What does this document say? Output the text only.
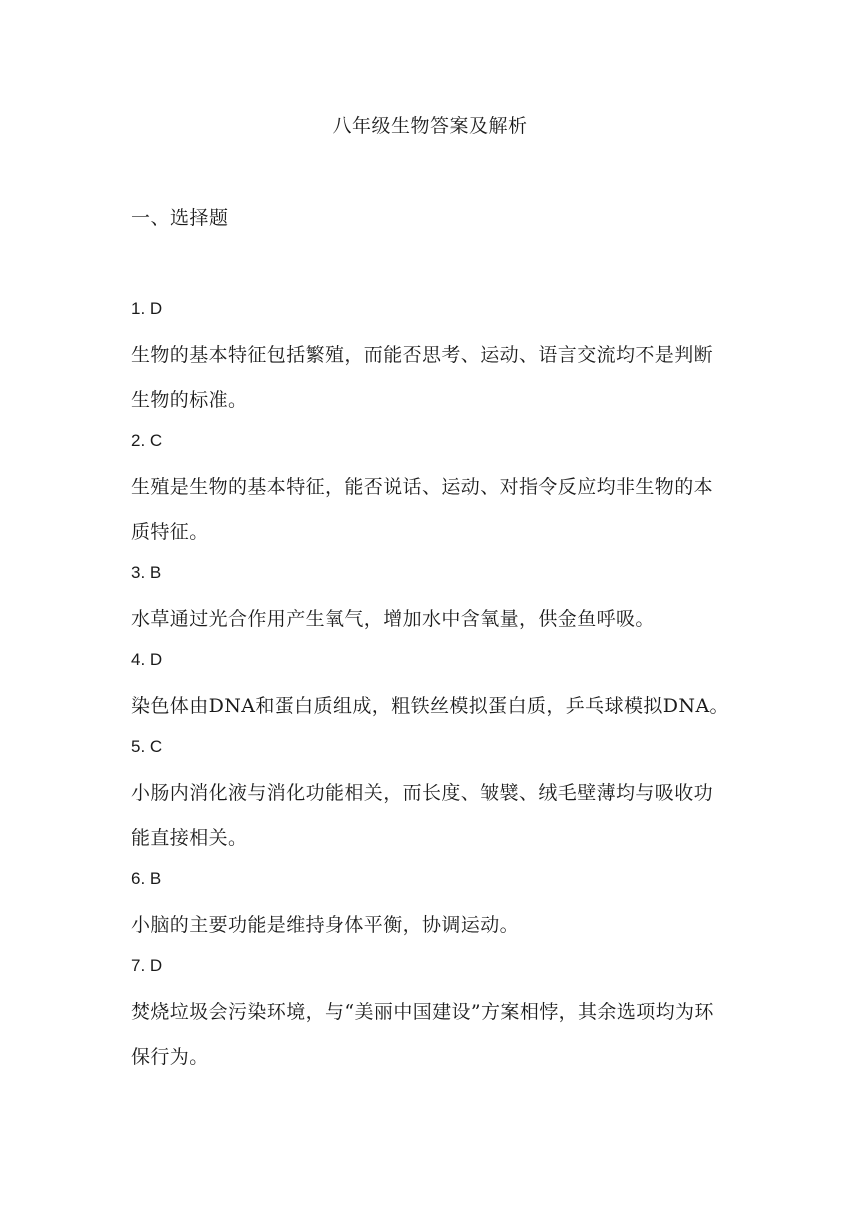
八年级生物答案及解析
一、选择题
1. D
生物的基本特征包括繁殖，而能否思考、运动、语言交流均不是判断生物的标准。
2. C
生殖是生物的基本特征，能否说话、运动、对指令反应均非生物的本质特征。
3. B
水草通过光合作用产生氧气，增加水中含氧量，供金鱼呼吸。
4. D
染色体由DNA和蛋白质组成，粗铁丝模拟蛋白质，乒乓球模拟DNA。
5. C
小肠内消化液与消化功能相关，而长度、皱襞、绒毛壁薄均与吸收功能直接相关。
6. B
小脑的主要功能是维持身体平衡，协调运动。
7. D
焚烧垃圾会污染环境，与“美丽中国建设”方案相悖，其余选项均为环保行为。
